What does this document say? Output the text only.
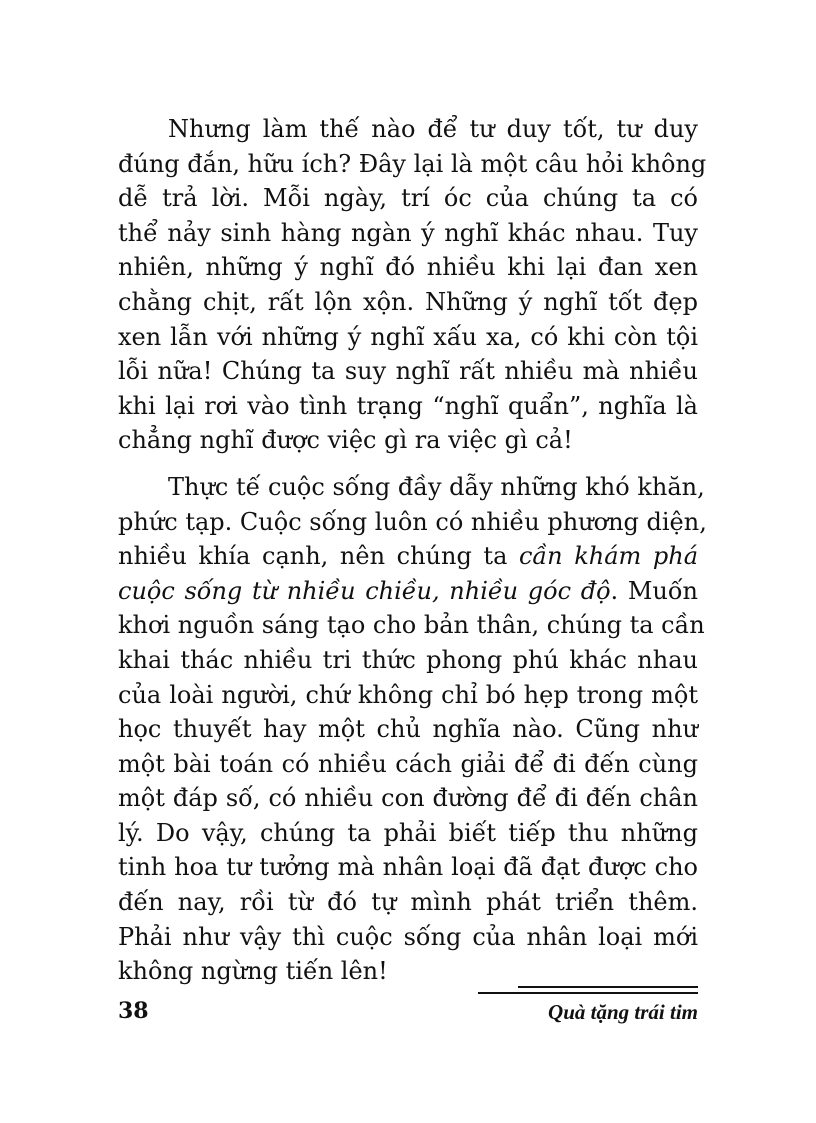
Nhưng làm thế nào để tư duy tốt, tư duy
đúng đắn, hữu ích? Đây lại là một câu hỏi không
dễ trả lời. Mỗi ngày, trí óc của chúng ta có
thể nảy sinh hàng ngàn ý nghĩ khác nhau. Tuy
nhiên, những ý nghĩ đó nhiều khi lại đan xen
chằng chịt, rất lộn xộn. Những ý nghĩ tốt đẹp
xen lẫn với những ý nghĩ xấu xa, có khi còn tội
lỗi nữa! Chúng ta suy nghĩ rất nhiều mà nhiều
khi lại rơi vào tình trạng “nghĩ quẩn”, nghĩa là
chẳng nghĩ được việc gì ra việc gì cả!
Thực tế cuộc sống đầy dẫy những khó khăn,
phức tạp. Cuộc sống luôn có nhiều phương diện,
nhiều khía cạnh, nên chúng ta cần khám phá
cuộc sống từ nhiều chiều, nhiều góc độ. Muốn
khơi nguồn sáng tạo cho bản thân, chúng ta cần
khai thác nhiều tri thức phong phú khác nhau
của loài người, chứ không chỉ bó hẹp trong một
học thuyết hay một chủ nghĩa nào. Cũng như
một bài toán có nhiều cách giải để đi đến cùng
một đáp số, có nhiều con đường để đi đến chân
lý. Do vậy, chúng ta phải biết tiếp thu những
tinh hoa tư tưởng mà nhân loại đã đạt được cho
đến nay, rồi từ đó tự mình phát triển thêm.
Phải như vậy thì cuộc sống của nhân loại mới
không ngừng tiến lên!
38	Quà tặng trái tim
